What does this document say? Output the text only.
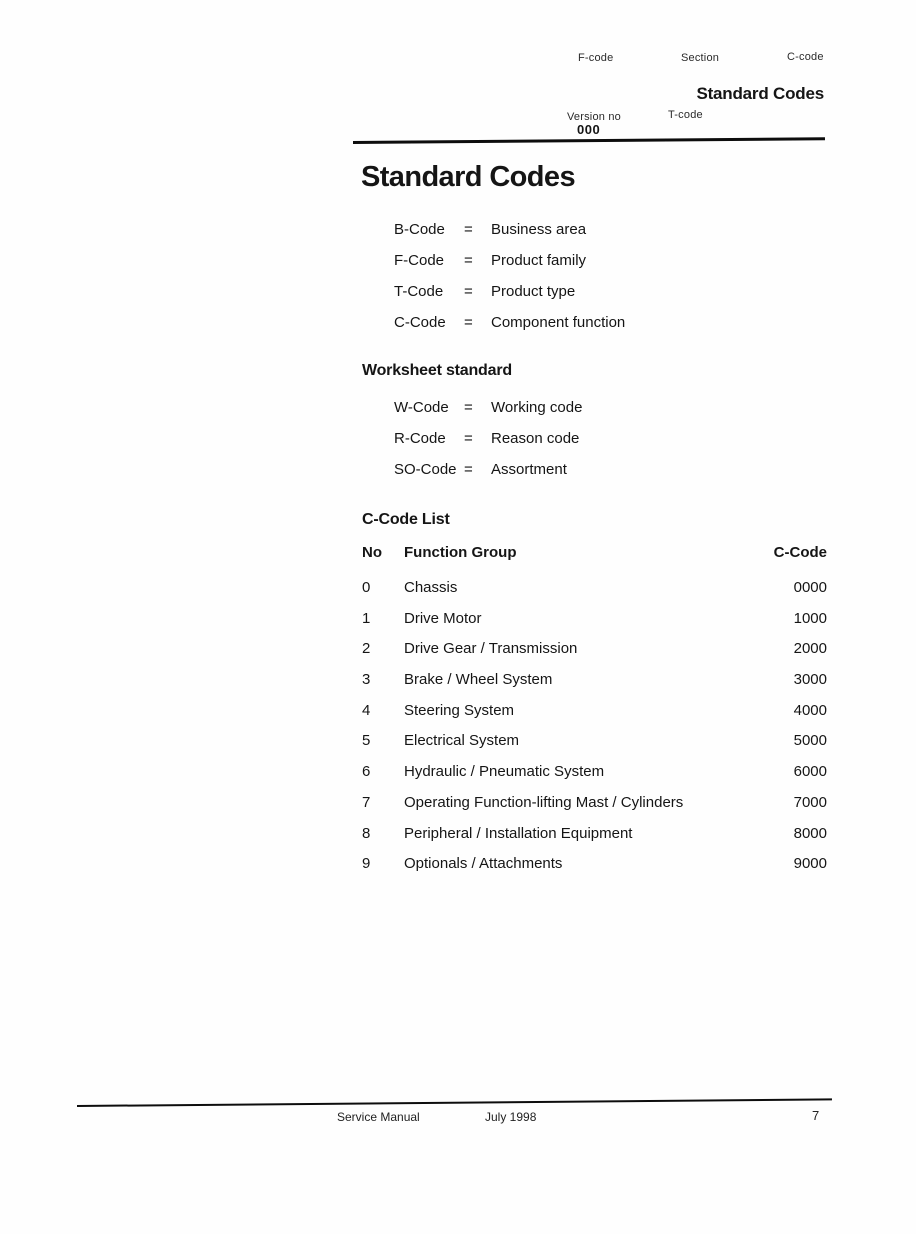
F-code	Section	C-code
Standard Codes
Version no	T-code
000
Standard Codes
B-Code	=	Business area
F-Code	=	Product family
T-Code	=	Product type
C-Code	=	Component function
Worksheet standard
W-Code	=	Working code
R-Code	=	Reason code
SO-Code =	Assortment
C-Code List
No	Function Group	C-Code
0	Chassis	0000
1	Drive Motor	1000
2	Drive Gear / Transmission	2000
3	Brake / Wheel System	3000
4	Steering System	4000
5	Electrical System	5000
6	Hydraulic / Pneumatic System	6000
7	Operating Function-lifting Mast / Cylinders	7000
8	Peripheral / Installation Equipment	8000
9	Optionals / Attachments	9000
Service Manual	July 1998	7
